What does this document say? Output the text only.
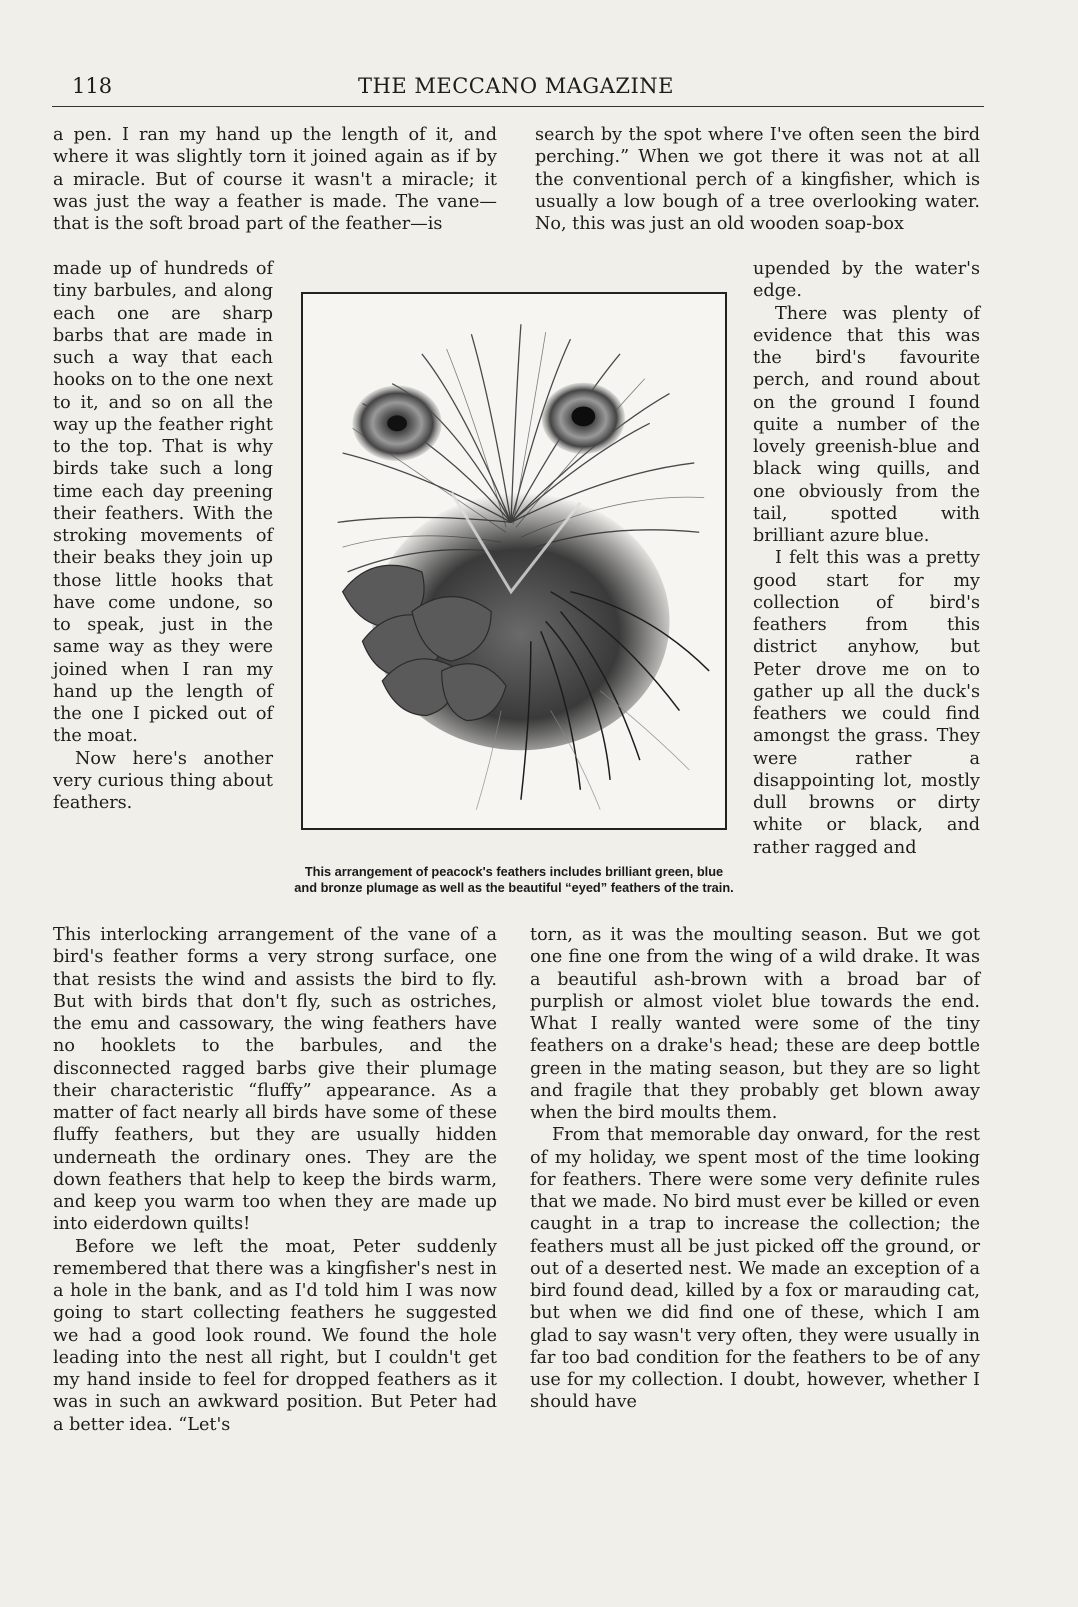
118	THE MECCANO MAGAZINE

a pen. I ran my hand up the length of it, and where it was slightly torn it joined again as if by a miracle. But of course it wasn't a miracle; it was just the way a feather is made. The vane—that is the soft broad part of the feather—is

made up of hundreds of tiny barbules, and along each one are sharp barbs that are made in such a way that each hooks on to the one next to it, and so on all the way up the feather right to the top. That is why birds take such a long time each day preening their feathers. With the stroking movements of their beaks they join up those little hooks that have come undone, so to speak, just in the same way as they were joined when I ran my hand up the length of the one I picked out of the moat.

Now here's another very curious thing about feathers.

This interlocking arrangement of the vane of a bird's feather forms a very strong surface, one that resists the wind and assists the bird to fly. But with birds that don't fly, such as ostriches, the emu and cassowary, the wing feathers have no hooklets to the barbules, and the disconnected ragged barbs give their plumage their characteristic “fluffy” appearance. As a matter of fact nearly all birds have some of these fluffy feathers, but they are usually hidden underneath the ordinary ones. They are the down feathers that help to keep the birds warm, and keep you warm too when they are made up into eiderdown quilts!

Before we left the moat, Peter suddenly remembered that there was a kingfisher's nest in a hole in the bank, and as I'd told him I was now going to start collecting feathers he suggested we had a good look round. We found the hole leading into the nest all right, but I couldn't get my hand inside to feel for dropped feathers as it was in such an awkward position. But Peter had a better idea. “Let's

search by the spot where I've often seen the bird perching.” When we got there it was not at all the conventional perch of a kingfisher, which is usually a low bough of a tree overlooking water. No, this was just an old wooden soap-box

upended by the water's edge.

There was plenty of evidence that this was the bird's favourite perch, and round about on the ground I found quite a number of the lovely greenish-blue and black wing quills, and one obviously from the tail, spotted with brilliant azure blue.

I felt this was a pretty good start for my collection of bird's feathers from this district anyhow, but Peter drove me on to gather up all the duck's feathers we could find amongst the grass. They were rather a disappointing lot, mostly dull browns or dirty white or black, and rather ragged and

torn, as it was the moulting season. But we got one fine one from the wing of a wild drake. It was a beautiful ash-brown with a broad bar of purplish or almost violet blue towards the end. What I really wanted were some of the tiny feathers on a drake's head; these are deep bottle green in the mating season, but they are so light and fragile that they probably get blown away when the bird moults them.

From that memorable day onward, for the rest of my holiday, we spent most of the time looking for feathers. There were some very definite rules that we made. No bird must ever be killed or even caught in a trap to increase the collection; the feathers must all be just picked off the ground, or out of a deserted nest. We made an exception of a bird found dead, killed by a fox or marauding cat, but when we did find one of these, which I am glad to say wasn't very often, they were usually in far too bad condition for the feathers to be of any use for my collection. I doubt, however, whether I should have

This arrangement of peacock's feathers includes brilliant green, blue and bronze plumage as well as the beautiful “eyed” feathers of the train.
